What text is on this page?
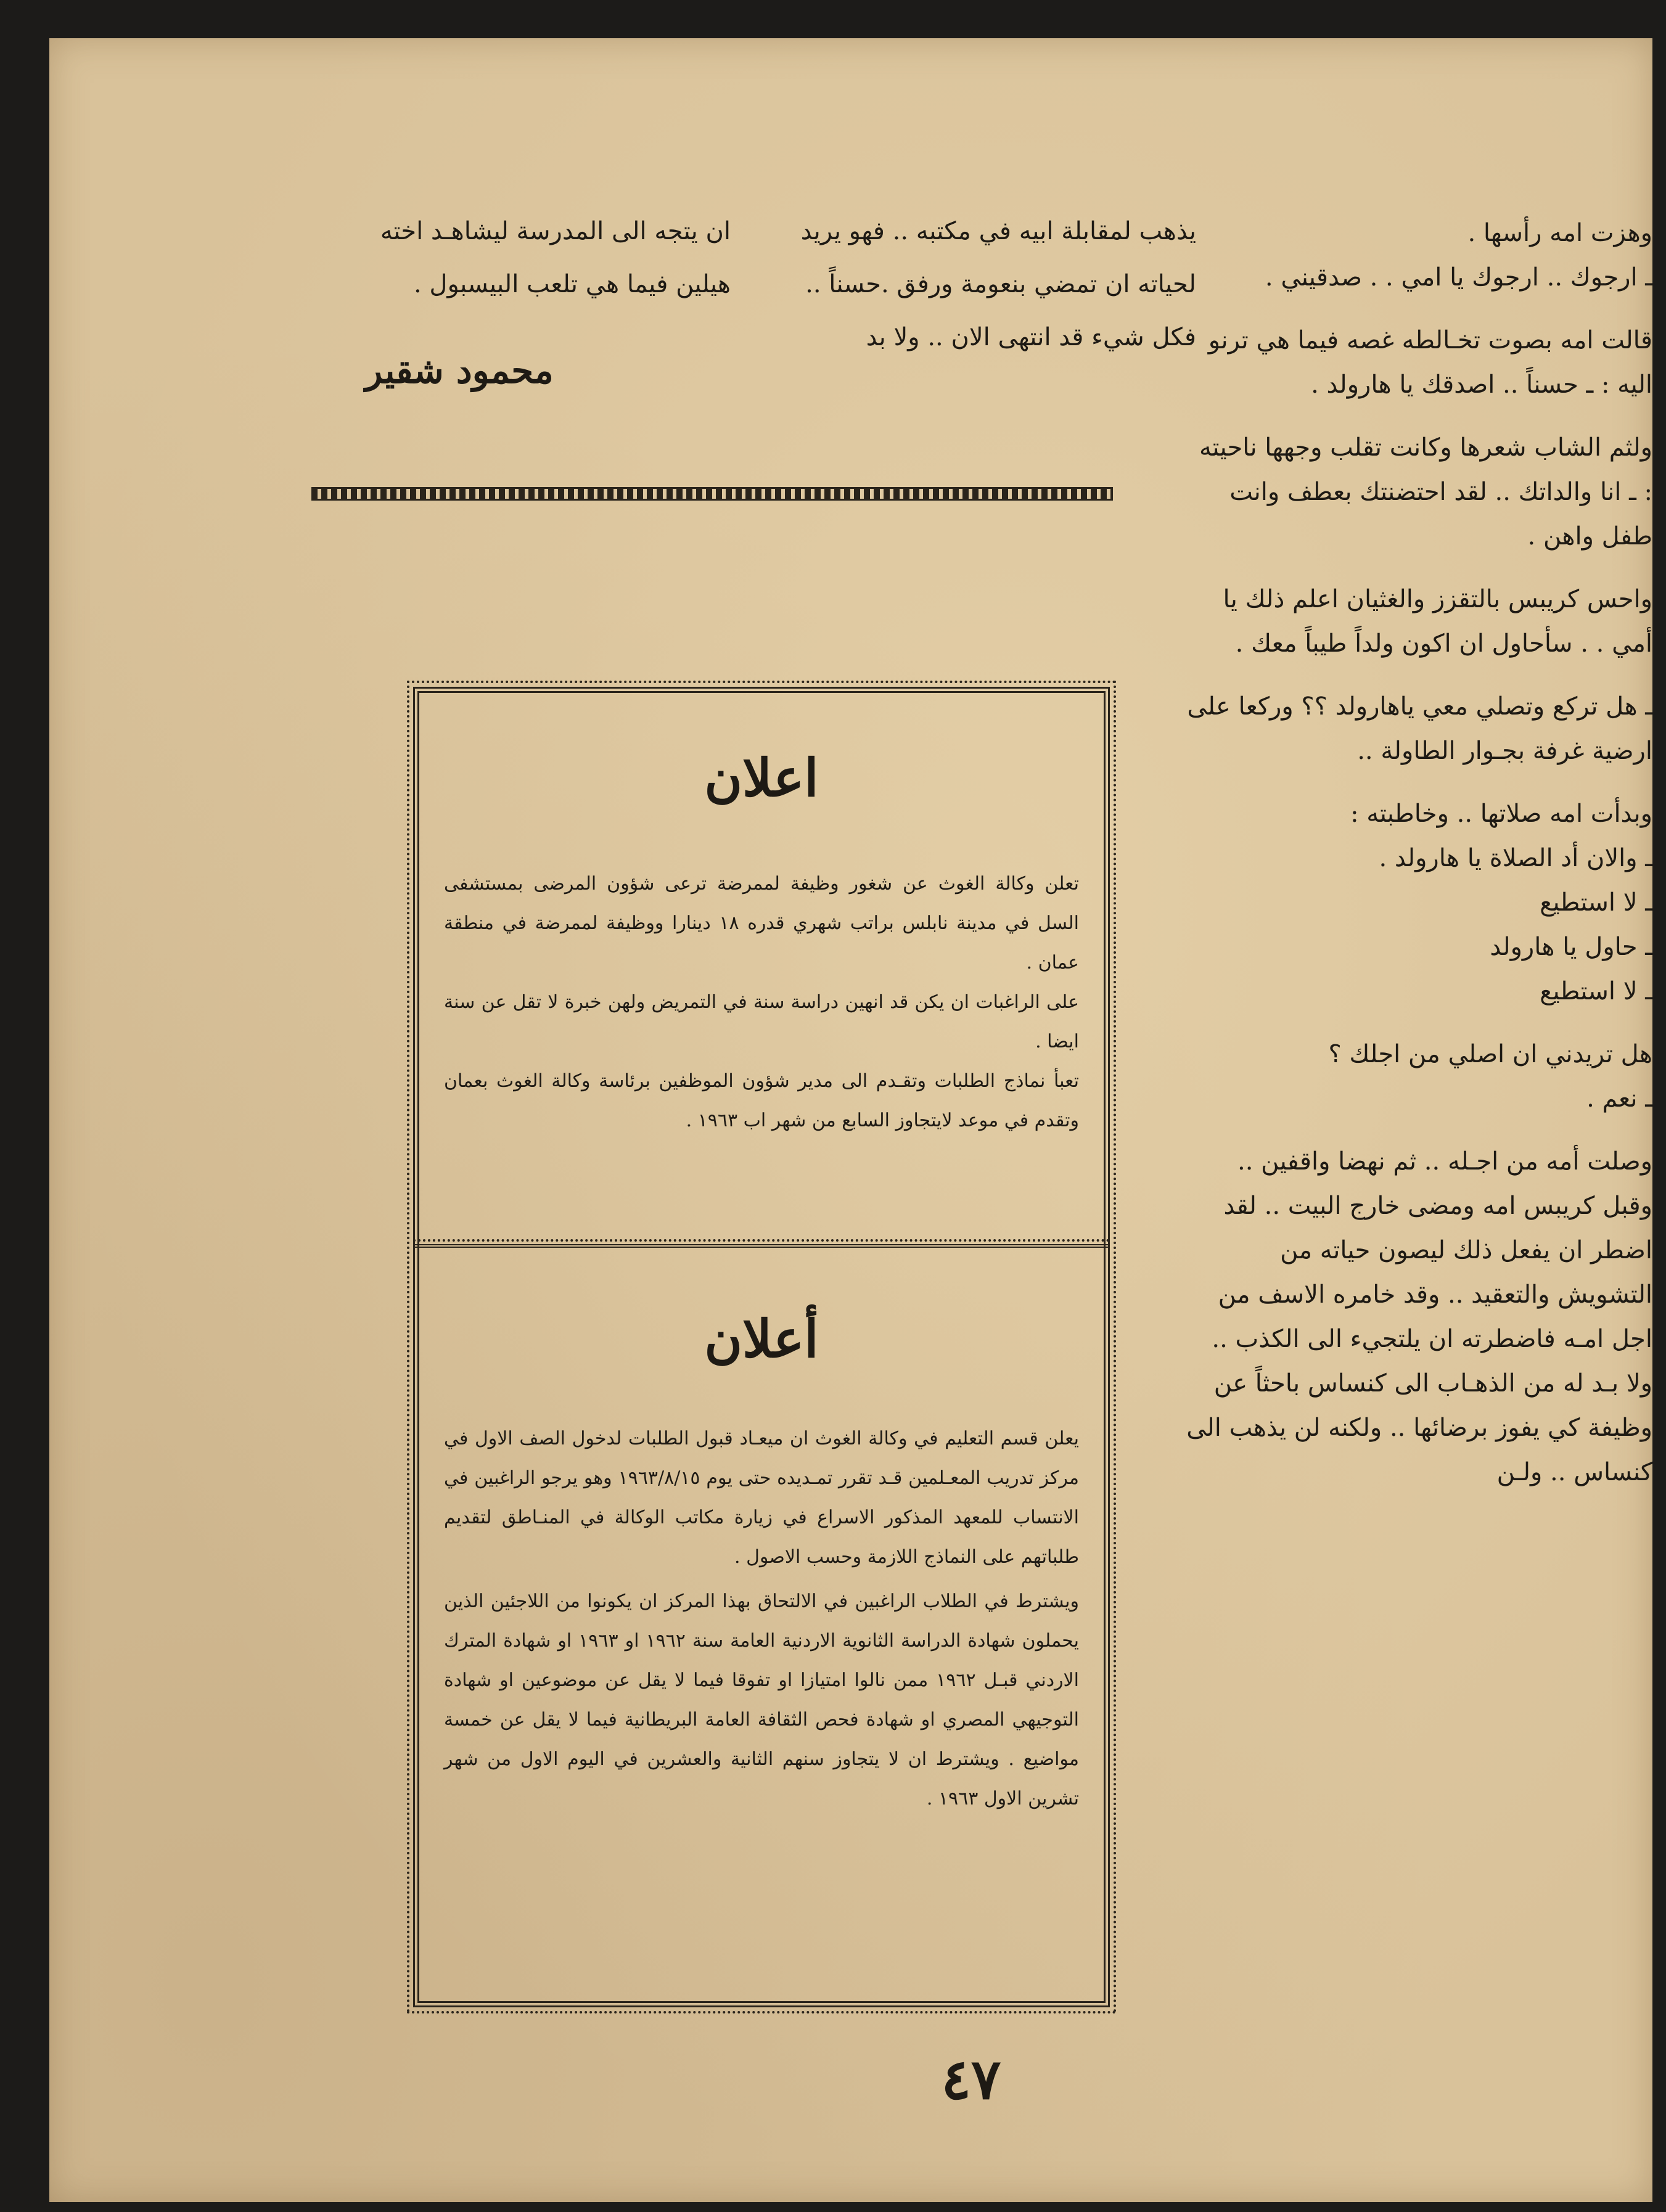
وهزت امه رأسها .

ـ ارجوك .. ارجوك يا امي . . صدقيني .

قالت امه بصوت تخـالطه غصه فيما هي ترنو اليه : ـ حسناً .. اصدقك يا هارولد .

ولثم الشاب شعرها وكانت تقلب وجهها ناحيته : ـ انا والداتك .. لقد احتضنتك بعطف وانت طفل واهن .

واحس كريبس بالتقزز والغثيان اعلم ذلك يا أمي . . سأحاول ان اكون ولداً طيباً معك .

ـ هل تركع وتصلي معي ياهارولد ؟؟ وركعا على ارضية غرفة بجـوار الطاولة ..

وبدأت امه صلاتها .. وخاطبته :

ـ والان أد الصلاة يا هارولد .

ـ لا استطيع

ـ حاول يا هارولد

ـ لا استطيع

هل تريدني ان اصلي من اجلك ؟

ـ نعم .

وصلت أمه من اجـله .. ثم نهضا واقفين .. وقبل كريبس امه ومضى خارج البيت .. لقد اضطر ان يفعل ذلك ليصون حياته من التشويش والتعقيد .. وقد خامره الاسف من اجل امـه فاضطرته ان يلتجيء الى الكذب .. ولا بـد له من الذهـاب الى كنساس باحثاً عن وظيفة كي يفوز برضائها .. ولكنه لن يذهب الى كنساس .. ولـن

يذهب لمقابلة ابيه في مكتبه .. فهو يريد

لحياته ان تمضي بنعومة ورفق .حسناً ..

فكل شيء قد انتهى الان .. ولا بد

ان يتجه الى المدرسة ليشاهـد اخته

هيلين فيما هي تلعب البيسبول .

محمود شقير
اعلان

تعلن وكالة الغوث عن شغور وظيفة لممرضة ترعى شؤون المرضى بمستشفى السل في مدينة نابلس براتب شهري قدره ١٨ دينارا ووظيفة لممرضة في منطقة عمان .

على الراغبات ان يكن قد انهين دراسة سنة في التمريض ولهن خبرة لا تقل عن سنة ايضا .

تعبأ نماذج الطلبات وتقـدم الى مدير شؤون الموظفين برئاسة وكالة الغوث بعمان وتقدم في موعد لايتجاوز السابع من شهر اب ١٩٦٣ .

أعلان

يعلن قسم التعليم في وكالة الغوث ان ميعـاد قبول الطلبات لدخول الصف الاول في مركز تدريب المعـلمين قـد تقرر تمـديده حتى يوم ١٩٦٣/٨/١٥ وهو يرجو الراغبين في الانتساب للمعهد المذكور الاسراع في زيارة مكاتب الوكالة في المنـاطق لتقديم طلباتهم على النماذج اللازمة وحسب الاصول .

ويشترط في الطلاب الراغبين في الالتحاق بهذا المركز ان يكونوا من اللاجئين الذين يحملون شهادة الدراسة الثانوية الاردنية العامة سنة ١٩٦٢ او ١٩٦٣ او شهادة المترك الاردني قبـل ١٩٦٢ ممن نالوا امتيازا او تفوقا فيما لا يقل عن موضوعين او شهادة التوجيهي المصري او شهادة فحص الثقافة العامة البريطانية فيما لا يقل عن خمسة مواضيع . ويشترط ان لا يتجاوز سنهم الثانية والعشرين في اليوم الاول من شهر تشرين الاول ١٩٦٣ .

٤٧
